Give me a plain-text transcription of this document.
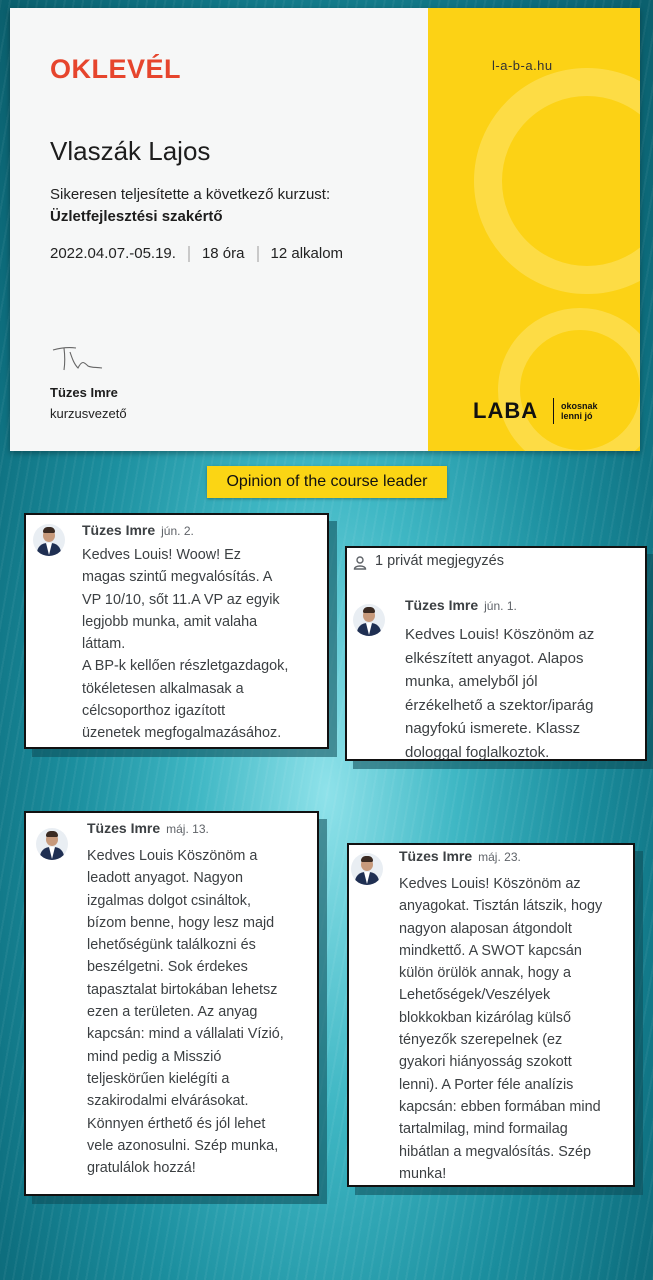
OKLEVÉL
Vlaszák Lajos
Sikeresen teljesítette a következő kurzust:
Üzletfejlesztési szakértő
2022.04.07.-05.19. 18 óra 12 alkalom
Tüzes Imre
kurzusvezető
l-a-b-a.hu
LABA	okosnak
lenni jó
Opinion of the course leader
Tüzes Imre jún. 2.
Kedves Louis! Woow! Ez
magas szintű megvalósítás. A
VP 10/10, sőt 11.A VP az egyik
legjobb munka, amit valaha
láttam.
A BP-k kellően részletgazdagok,
tökéletesen alkalmasak a
célcsoporthoz igazított
üzenetek megfogalmazásához.
1 privát megjegyzés
Tüzes Imre jún. 1.
Kedves Louis! Köszönöm az
elkészített anyagot. Alapos
munka, amelyből jól
érzékelhető a szektor/iparág
nagyfokú ismerete. Klassz
dologgal foglalkoztok.
Tüzes Imre máj. 13.
Kedves Louis Köszönöm a
leadott anyagot. Nagyon
izgalmas dolgot csináltok,
bízom benne, hogy lesz majd
lehetőségünk találkozni és
beszélgetni. Sok érdekes
tapasztalat birtokában lehetsz
ezen a területen. Az anyag
kapcsán: mind a vállalati Vízió,
mind pedig a Misszió
teljeskörűen kielégíti a
szakirodalmi elvárásokat.
Könnyen érthető és jól lehet
vele azonosulni. Szép munka,
gratulálok hozzá!
Tüzes Imre máj. 23.
Kedves Louis! Köszönöm az
anyagokat. Tisztán látszik, hogy
nagyon alaposan átgondolt
mindkettő. A SWOT kapcsán
külön örülök annak, hogy a
Lehetőségek/Veszélyek
blokkokban kizárólag külső
tényezők szerepelnek (ez
gyakori hiányosság szokott
lenni). A Porter féle analízis
kapcsán: ebben formában mind
tartalmilag, mind formailag
hibátlan a megvalósítás. Szép
munka!
